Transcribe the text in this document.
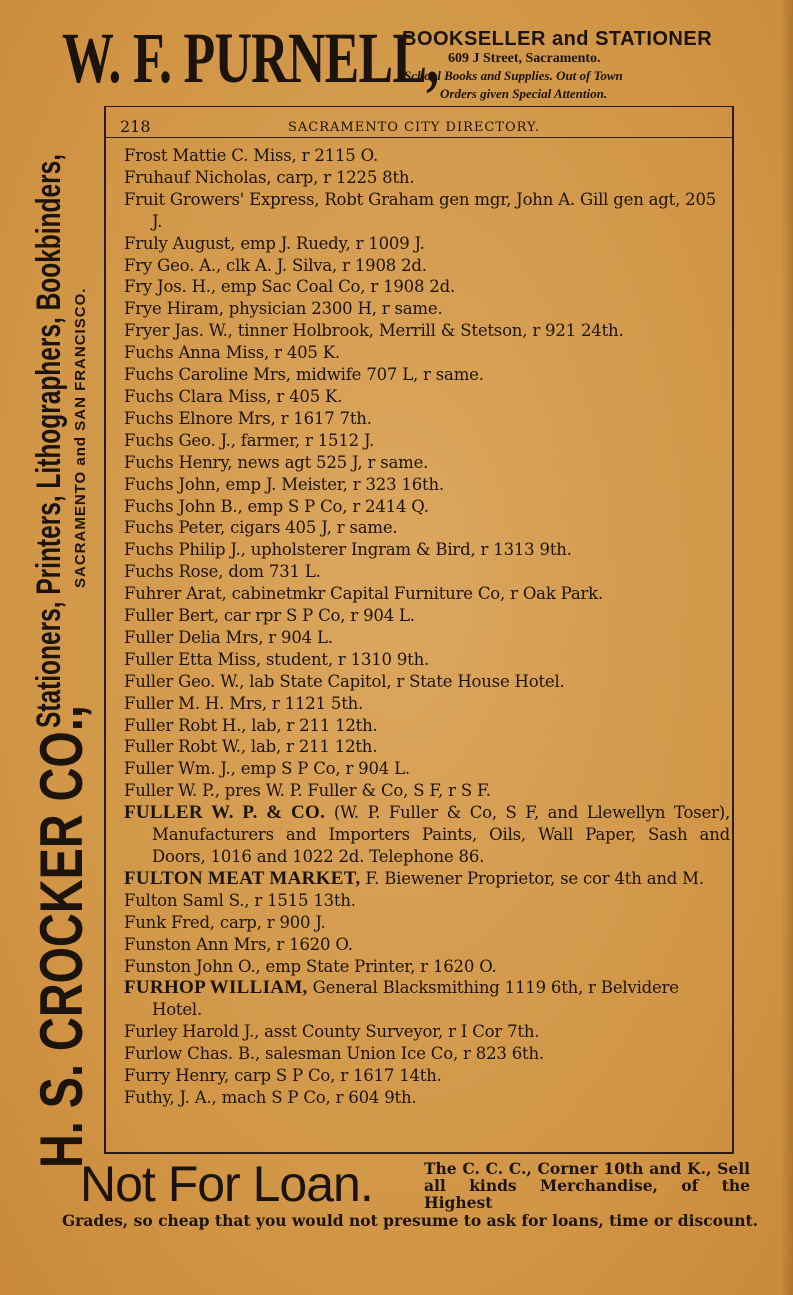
W. F. PURNELL,
BOOKSELLER and STATIONER
609 J Street, Sacramento.
School Books and Supplies. Out of Town
Orders given Special Attention.
H. S. CROCKER CO.,
Stationers, Printers, Lithographers, Bookbinders, SACRAMENTO and SAN FRANCISCO.
218	SACRAMENTO CITY DIRECTORY.
Frost Mattie C. Miss, r 2115 O.
Fruhauf Nicholas, carp, r 1225 8th.
Fruit Growers' Express, Robt Graham gen mgr, John A. Gill gen agt, 205 J.
Fruly August, emp J. Ruedy, r 1009 J.
Fry Geo. A., clk A. J. Silva, r 1908 2d.
Fry Jos. H., emp Sac Coal Co, r 1908 2d.
Frye Hiram, physician 2300 H, r same.
Fryer Jas. W., tinner Holbrook, Merrill & Stetson, r 921 24th.
Fuchs Anna Miss, r 405 K.
Fuchs Caroline Mrs, midwife 707 L, r same.
Fuchs Clara Miss, r 405 K.
Fuchs Elnore Mrs, r 1617 7th.
Fuchs Geo. J., farmer, r 1512 J.
Fuchs Henry, news agt 525 J, r same.
Fuchs John, emp J. Meister, r 323 16th.
Fuchs John B., emp S P Co, r 2414 Q.
Fuchs Peter, cigars 405 J, r same.
Fuchs Philip J., upholsterer Ingram & Bird, r 1313 9th.
Fuchs Rose, dom 731 L.
Fuhrer Arat, cabinetmkr Capital Furniture Co, r Oak Park.
Fuller Bert, car rpr S P Co, r 904 L.
Fuller Delia Mrs, r 904 L.
Fuller Etta Miss, student, r 1310 9th.
Fuller Geo. W., lab State Capitol, r State House Hotel.
Fuller M. H. Mrs, r 1121 5th.
Fuller Robt H., lab, r 211 12th.
Fuller Robt W., lab, r 211 12th.
Fuller Wm. J., emp S P Co, r 904 L.
Fuller W. P., pres W. P. Fuller & Co, S F, r S F.
FULLER W. P. & CO. (W. P. Fuller & Co, S F, and Llewellyn Toser), Manufacturers and Importers Paints, Oils, Wall Paper, Sash and Doors, 1016 and 1022 2d. Telephone 86.
FULTON MEAT MARKET, F. Biewener Proprietor, se cor 4th and M.
Fulton Saml S., r 1515 13th.
Funk Fred, carp, r 900 J.
Funston Ann Mrs, r 1620 O.
Funston John O., emp State Printer, r 1620 O.
FURHOP WILLIAM, General Blacksmithing 1119 6th, r Belvidere Hotel.
Furley Harold J., asst County Surveyor, r I Cor 7th.
Furlow Chas. B., salesman Union Ice Co, r 823 6th.
Furry Henry, carp S P Co, r 1617 14th.
Futhy, J. A., mach S P Co, r 604 9th.
Not For Loan.	The C. C. C., Corner 10th and K., Sell all kinds Merchandise, of the Highest
Grades, so cheap that you would not presume to ask for loans, time or discount.
